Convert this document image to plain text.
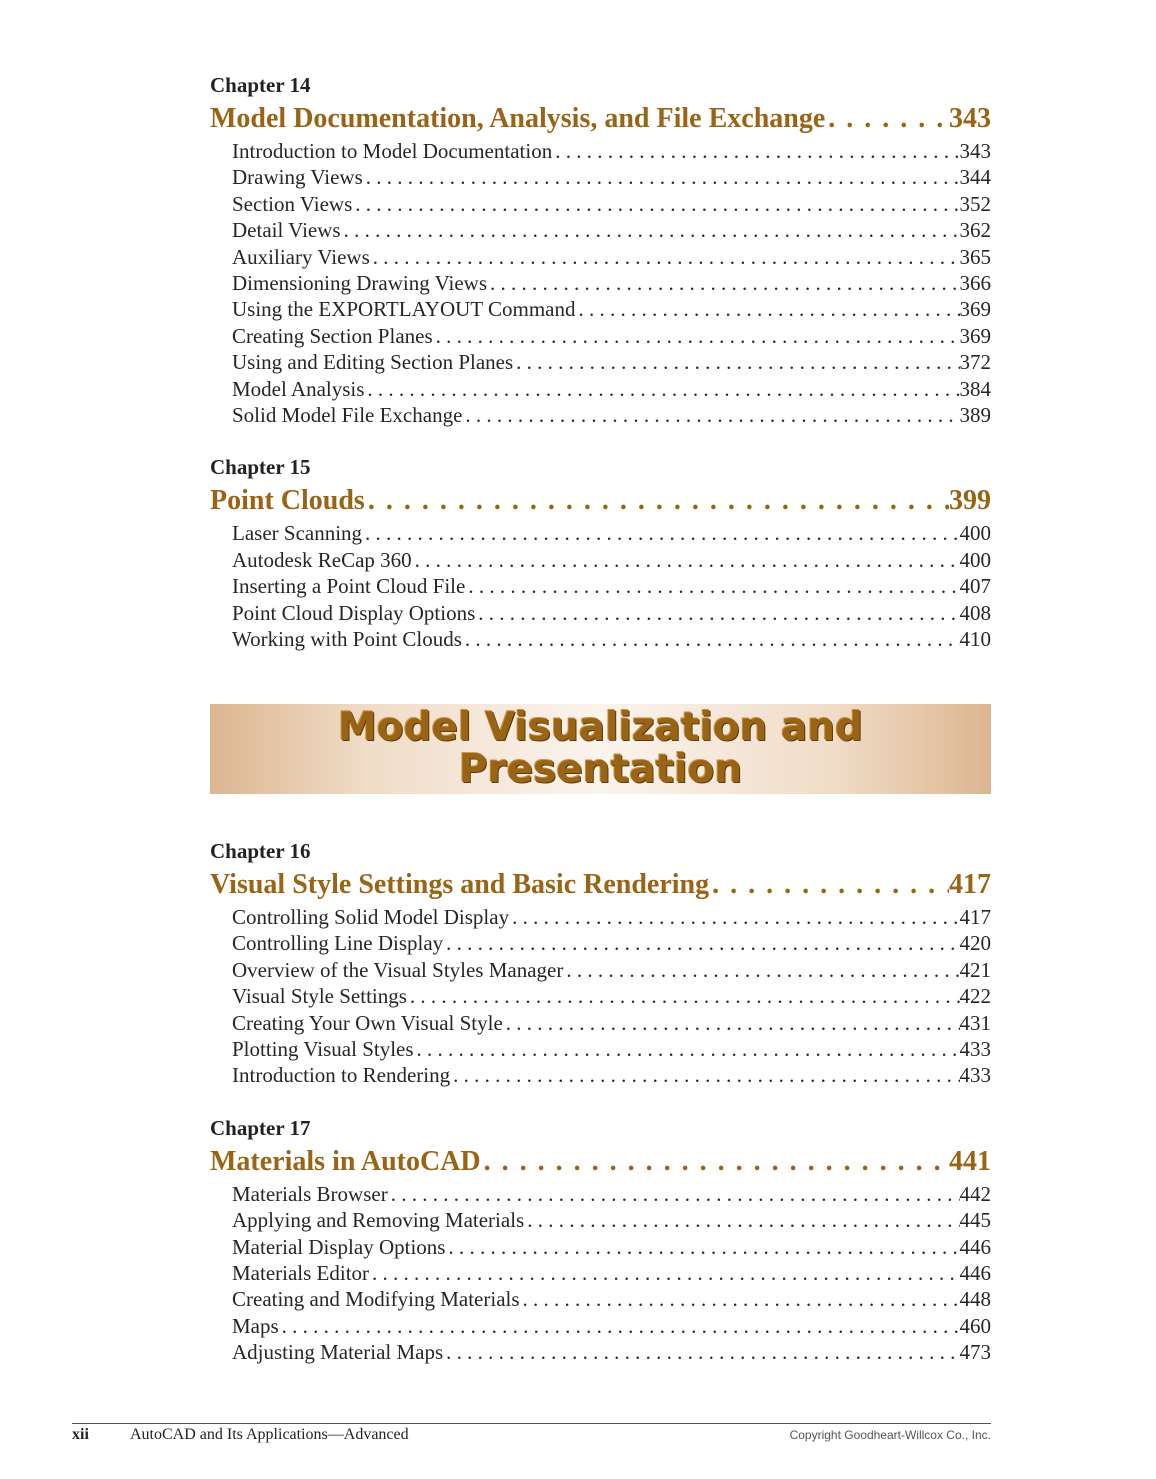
Chapter 14
Model Documentation, Analysis, and File Exchange . . .	343
Introduction to Model Documentation . . .	343
Drawing Views . . .	344
Section Views . . .	352
Detail Views . . .	362
Auxiliary Views . . .	365
Dimensioning Drawing Views . . .	366
Using the EXPORTLAYOUT Command . . .	369
Creating Section Planes . . .	369
Using and Editing Section Planes . . .	372
Model Analysis . . .	384
Solid Model File Exchange . . .	389
Chapter 15
Point Clouds . . .	399
Laser Scanning . . .	400
Autodesk ReCap 360 . . .	400
Inserting a Point Cloud File . . .	407
Point Cloud Display Options . . .	408
Working with Point Clouds . . .	410
Model Visualization and
Presentation
Chapter 16
Visual Style Settings and Basic Rendering . . .	417
Controlling Solid Model Display . . .	417
Controlling Line Display . . .	420
Overview of the Visual Styles Manager . . .	421
Visual Style Settings . . .	422
Creating Your Own Visual Style . . .	431
Plotting Visual Styles . . .	433
Introduction to Rendering . . .	433
Chapter 17
Materials in AutoCAD . . .	441
Materials Browser . . .	442
Applying and Removing Materials . . .	445
Material Display Options . . .	446
Materials Editor . . .	446
Creating and Modifying Materials . . .	448
Maps . . .	460
Adjusting Material Maps . . .	473
xii	AutoCAD and Its Applications—Advanced	Copyright Goodheart-Willcox Co., Inc.
